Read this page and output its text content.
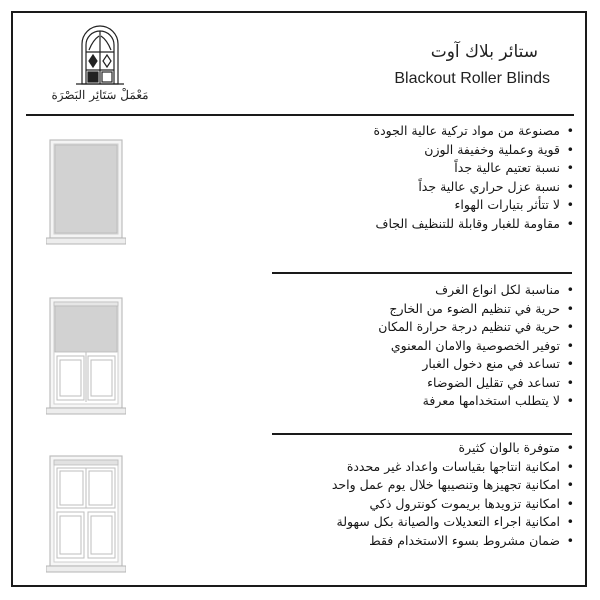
مَعْمَلْ سَتَائِر البَصْرَة
ستائر بلاك آوت
Blackout Roller Blinds
• مصنوعة من مواد تركية عالية الجودة
• قوية وعملية وخفيفة الوزن
• نسبة تعتيم عالية جداً
• نسبة عزل حراري عالية جداً
• لا تتأثر بتيارات الهواء
• مقاومة للغبار وقابلة للتنظيف الجاف
• مناسبة لكل انواع الغرف
• حرية في تنظيم الضوء من الخارج
• حرية في تنظيم درجة حرارة المكان
• توفير الخصوصية والامان المعنوي
• تساعد في منع دخول الغبار
• تساعد في تقليل الضوضاء
• لا يتطلب استخدامها معرفة
• متوفرة بالوان كثيرة
• امكانية انتاجها بقياسات واعداد غير محددة
• امكانية تجهيزها وتنصيبها خلال يوم عمل واحد
• امكانية تزويدها بريموت كونترول ذكي
• امكانية اجراء التعديلات والصيانة بكل سهولة
• ضمان مشروط بسوء الاستخدام فقط
